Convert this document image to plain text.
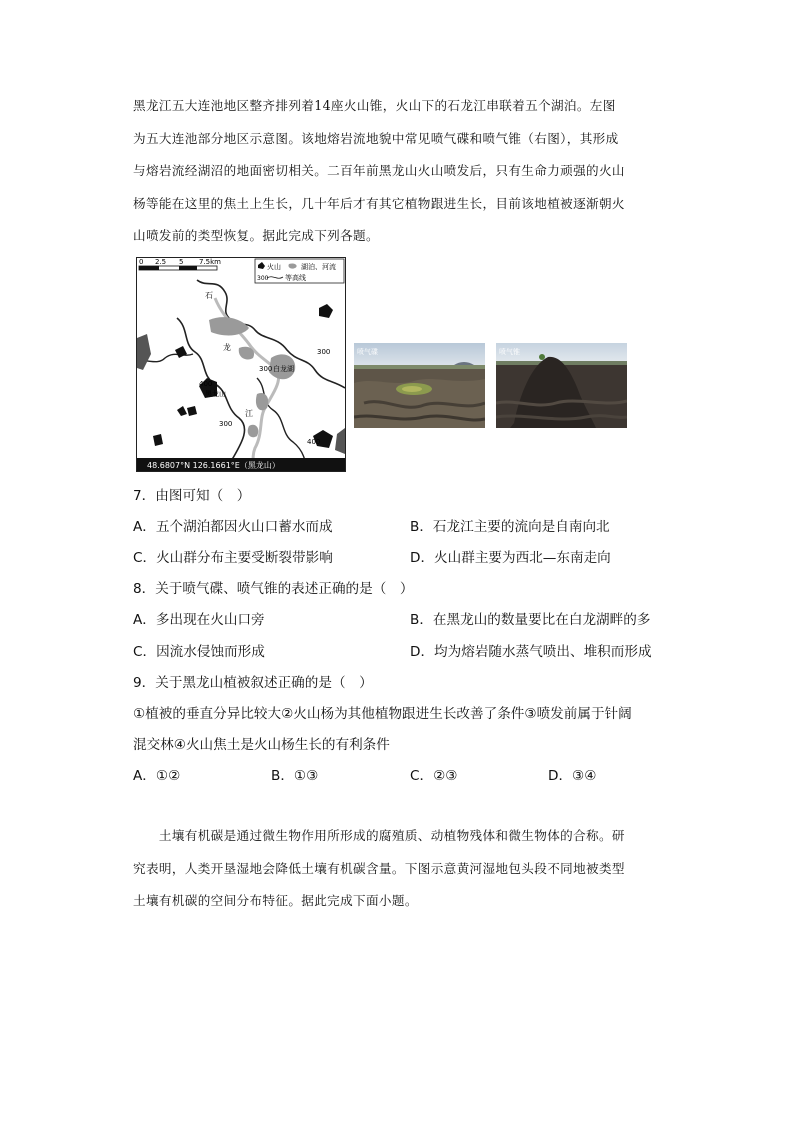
黑龙江五大连池地区整齐排列着14座火山锥，火山下的石龙江串联着五个湖泊。左图
为五大连池部分地区示意图。该地熔岩流地貌中常见喷气碟和喷气锥（右图），其形成
与熔岩流经湖沼的地面密切相关。二百年前黑龙山火山喷发后，只有生命力顽强的火山
杨等能在这里的焦土上生长，几十年后才有其它植物跟进生长，目前该地植被逐渐朝火
山喷发前的类型恢复。据此完成下列各题。
0 2.5 5 7.5km
火山	湖泊、河流
300 等高线
石
龙
江
300 白龙湖
300
400
黑龙山
300
400
48.6807°N 126.1661°E（黑龙山）
喷气碟	喷气锥
7．由图可知（　）
A．五个湖泊都因火山口蓄水而成	B．石龙江主要的流向是自南向北
C．火山群分布主要受断裂带影响	D．火山群主要为西北—东南走向
8．关于喷气碟、喷气锥的表述正确的是（　）
A．多出现在火山口旁	B．在黑龙山的数量要比在白龙湖畔的多
C．因流水侵蚀而形成	D．均为熔岩随水蒸气喷出、堆积而形成
9．关于黑龙山植被叙述正确的是（　）
①植被的垂直分异比较大②火山杨为其他植物跟进生长改善了条件③喷发前属于针阔
混交林④火山焦土是火山杨生长的有利条件
A．①②	B．①③	C．②③	D．③④
　　土壤有机碳是通过微生物作用所形成的腐殖质、动植物残体和微生物体的合称。研
究表明，人类开垦湿地会降低土壤有机碳含量。下图示意黄河湿地包头段不同地被类型
土壤有机碳的空间分布特征。据此完成下面小题。
